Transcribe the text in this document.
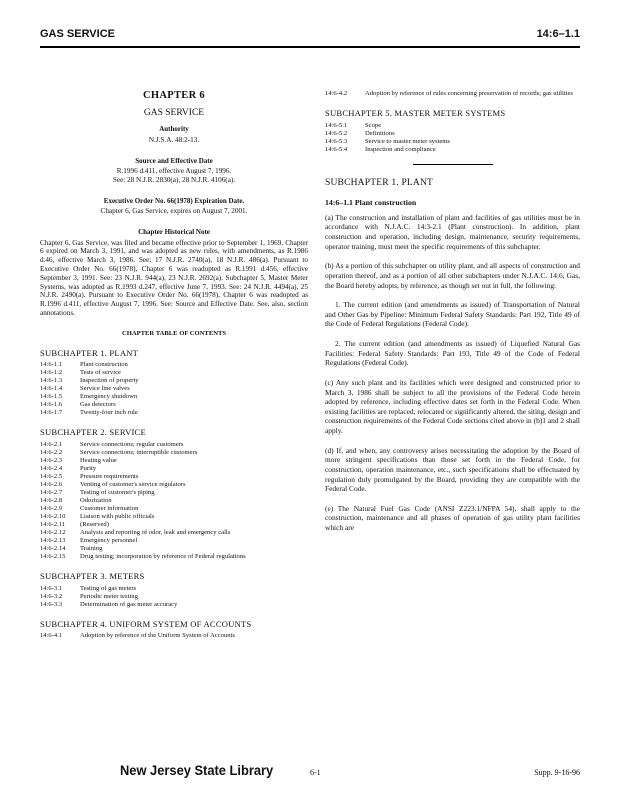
GAS SERVICE	14:6–1.1

CHAPTER 6

GAS SERVICE

Authority

N.J.S.A. 48:2-13.

Source and Effective Date

R.1996 d.411, effective August 7, 1996.

See: 28 N.J.R. 2830(a), 28 N.J.R. 4106(a).

Executive Order No. 66(1978) Expiration Date.

Chapter 6, Gas Service, expires on August 7, 2001.

Chapter Historical Note

Chapter 6, Gas Service, was filed and became effective prior to September 1, 1969. Chapter 6 expired on March 3, 1991, and was adopted as new rules, with amendments, as R.1986 d.46, effective March 3, 1986. See: 17 N.J.R. 2740(a), 18 N.J.R. 486(a). Pursuant to Executive Order No. 66(1978), Chapter 6 was readopted as R.1991 d.456, effective September 3, 1991. See: 23 N.J.R. 944(a), 23 N.J.R. 2692(a). Subchapter 5, Master Meter Systems, was adopted as R.1993 d.247, effective June 7, 1993. See: 24 N.J.R. 4494(a), 25 N.J.R. 2490(a). Pursuant to Executive Order No. 66(1978), Chapter 6 was readopted as R.1996 d.411, effective August 7, 1996. See: Source and Effective Date. See, also, section annotations.

CHAPTER TABLE OF CONTENTS

SUBCHAPTER 1. PLANT

14:6-1.1	Plant construction
14:6-1.2	Tests of service
14:6-1.3	Inspection of property
14:6-1.4	Service line valves
14:6-1.5	Emergency shutdown
14:6-1.6	Gas detectors
14:6-1.7	Twenty-four inch rule

SUBCHAPTER 2. SERVICE

14:6-2.1	Service connections; regular customers
14:6-2.2	Service connections; interruptible customers
14:6-2.3	Heating value
14:6-2.4	Purity
14:6-2.5	Pressure requirements
14:6-2.6	Venting of customer's service regulators
14:6-2.7	Testing of customer's piping
14:6-2.8	Odorization
14:6-2.9	Customer information
14:6-2.10	Liaison with public officials
14:6-2.11	(Reserved)
14:6-2.12	Analysis and reporting of odor, leak and emergency calls
14:6-2.13	Emergency personnel
14:6-2.14	Training
14:6-2.15	Drug testing; incorporation by reference of Federal regulations

SUBCHAPTER 3. METERS

14:6-3.1	Testing of gas meters
14:6-3.2	Periodic meter testing
14:6-3.3	Determination of gas meter accuracy

SUBCHAPTER 4. UNIFORM SYSTEM OF ACCOUNTS

14:6-4.1	Adoption by reference of the Uniform System of Accounts
14:6-4.2	Adoption by reference of rules concerning preservation of records; gas utilities

SUBCHAPTER 5. MASTER METER SYSTEMS

14:6-5.1	Scope
14:6-5.2	Definitions
14:6-5.3	Service to master meter systems
14:6-5.4	Inspection and compliance

SUBCHAPTER 1. PLANT

14:6–1.1 Plant construction

(a) The construction and installation of plant and facilities of gas utilities must be in accordance with N.J.A.C. 14:3-2.1 (Plant construction). In addition, plant construction and operation, including design, maintenance, security requirements, operator training, must meet the specific requirements of this subchapter.

(b) As a portion of this subchapter on utility plant, and all aspects of construction and operation thereof, and as a portion of all other subchapters under N.J.A.C. 14:6, Gas, the Board hereby adopts, by reference, as though set out in full, the following:

1. The current edition (and amendments as issued) of Transportation of Natural and Other Gas by Pipeline: Minimum Federal Safety Standards: Part 192, Title 49 of the Code of Federal Regulations (Federal Code).

2. The current edition (and amendments as issued) of Liquefied Natural Gas Facilities: Federal Safety Standards: Part 193, Title 49 of the Code of Federal Regulations (Federal Code).

(c) Any such plant and its facilities which were designed and constructed prior to March 3, 1986 shall be subject to all the provisions of the Federal Code herein adopted by reference, including effective dates set forth in the Federal Code. When existing facilities are replaced, relocated or significantly altered, the siting, design and construction requirements of the Federal Code sections cited above in (b)1 and 2 shall apply.

(d) If, and when, any controversy arises necessitating the adoption by the Board of more stringent specifications than those set forth in the Federal Code, for construction, operation maintenance, etc., such specifications shall be effectuated by regulation duly promulgated by the Board, providing they are compatible with the Federal Code.

(e) The Natural Fuel Gas Code (ANSI Z223.1/NFPA 54), shall apply to the construction, maintenance and all phases of operation of gas utility plant facilities which are

New Jersey State Library	6-1	Supp. 9-16-96
